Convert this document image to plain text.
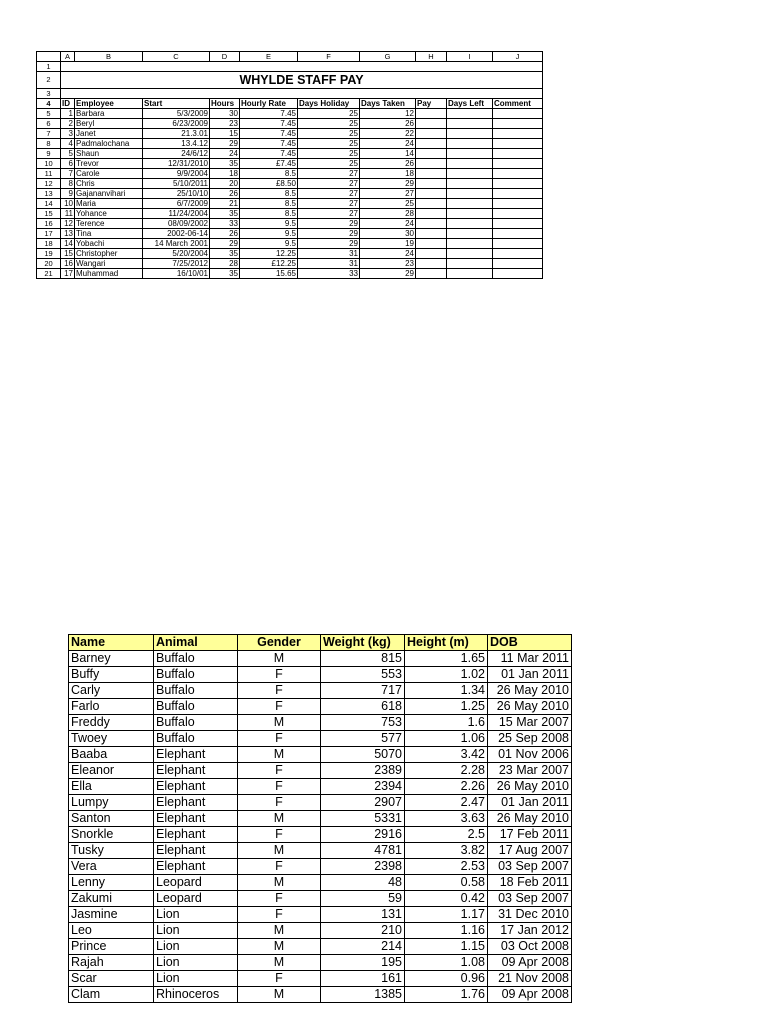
	A	B	C	D	E	F	G	H	I	J
1										
2	WHYLDE STAFF PAY									
3										
4	ID	Employee	Start	Hours	Hourly Rate	Days Holiday	Days Taken	Pay	Days Left	Comment
5	1	Barbara	5/3/2009	30	7.45	25	12			
6	2	Beryl	6/23/2009	23	7.45	25	26			
7	3	Janet	21.3.01	15	7.45	25	22			
8	4	Padmalochana	13.4.12	29	7.45	25	24			
9	5	Shaun	24/6/12	24	7.45	25	14			
10	6	Trevor	12/31/2010	35	£7.45	25	26			
11	7	Carole	9/9/2004	18	8.5	27	18			
12	8	Chris	5/10/2011	20	£8.50	27	29			
13	9	Gajananvihari	25/10/10	26	8.5	27	27			
14	10	Maria	6/7/2009	21	8.5	27	25			
15	11	Yohance	11/24/2004	35	8.5	27	28			
16	12	Terence	08/09/2002	33	9.5	29	24			
17	13	Tina	2002-06-14	26	9.5	29	30			
18	14	Yobachi	14 March 2001	29	9.5	29	19			
19	15	Christopher	5/20/2004	35	12.25	31	24			
20	16	Wangari	7/25/2012	28	£12.25	31	23			
21	17	Muhammad	16/10/01	35	15.65	33	29			
Name	Animal	Gender	Weight (kg)	Height (m)	DOB
Barney	Buffalo	M	815	1.65	11 Mar 2011
Buffy	Buffalo	F	553	1.02	01 Jan 2011
Carly	Buffalo	F	717	1.34	26 May 2010
Farlo	Buffalo	F	618	1.25	26 May 2010
Freddy	Buffalo	M	753	1.6	15 Mar 2007
Twoey	Buffalo	F	577	1.06	25 Sep 2008
Baaba	Elephant	M	5070	3.42	01 Nov 2006
Eleanor	Elephant	F	2389	2.28	23 Mar 2007
Ella	Elephant	F	2394	2.26	26 May 2010
Lumpy	Elephant	F	2907	2.47	01 Jan 2011
Santon	Elephant	M	5331	3.63	26 May 2010
Snorkle	Elephant	F	2916	2.5	17 Feb 2011
Tusky	Elephant	M	4781	3.82	17 Aug 2007
Vera	Elephant	F	2398	2.53	03 Sep 2007
Lenny	Leopard	M	48	0.58	18 Feb 2011
Zakumi	Leopard	F	59	0.42	03 Sep 2007
Jasmine	Lion	F	131	1.17	31 Dec 2010
Leo	Lion	M	210	1.16	17 Jan 2012
Prince	Lion	M	214	1.15	03 Oct 2008
Rajah	Lion	M	195	1.08	09 Apr 2008
Scar	Lion	F	161	0.96	21 Nov 2008
Clam	Rhinoceros	M	1385	1.76	09 Apr 2008
